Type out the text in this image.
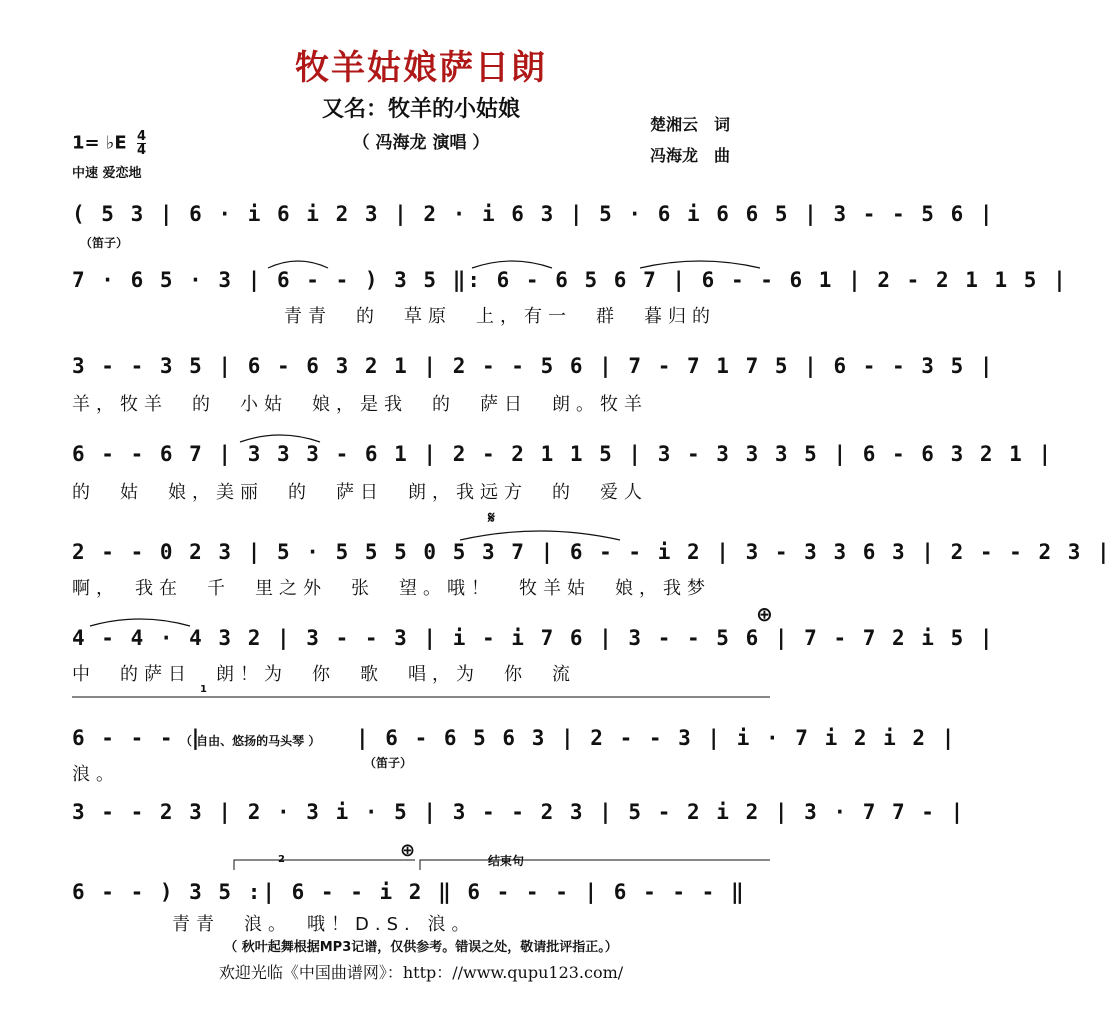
牧羊姑娘萨日朗
又名：牧羊的小姑娘
（ 冯海龙 演唱 ）
楚湘云　词
冯海龙　曲
1= ♭E $\frac{4}{4}$
中速 爱恋地
( 5 3 | 6 · i 6 i 2 3 | 2 · i 6 3 | 5 · 6 i 6 6 5 | 3 - - 5 6 |
（笛子）
7 · 6 5 · 3 | 6 - - ) 3 5 ‖: 6 - 6 5 6 7 | 6 - - 6 1 | 2 - 2 1 1 5 |
青青　的　草原　上，有一　群　暮归的
3 - - 3 5 | 6 - 6 3 2 1 | 2 - - 5 6 | 7 - 7 1 7 5 | 6 - - 3 5 |
羊，牧羊　的　小姑　娘，是我　的　萨日　朗。牧羊
6 - - 6 7 | 3 3 3 - 6 1 | 2 - 2 1 1 5 | 3 - 3 3 3 5 | 6 - 6 3 2 1 |
的　姑　娘，美丽　的　萨日　朗，我远方　的　爱人
𝄋
2 - - 0 2 3 | 5 · 5 5 5 0 5 3 7 | 6 - - i 2 | 3 - 3 3 6 3 | 2 - - 2 3 |
啊，　我在　千　里之外　张　望。哦！　牧羊姑　娘，我梦
⊕
4 - 4 · 4 3 2 | 3 - - 3 | i - i 7 6 | 3 - - 5 6 | 7 - 7 2 i 5 |
中　的萨日　朗！为　你　歌　唱，为　你　流
1
6 - - - |
（ 自由、悠扬的马头琴 ） | 6 - 6 5 6 3 | 2 - - 3 | i · 7 i 2 i 2 |
浪。
（笛子）
3 - - 2 3 | 2 · 3 i · 5 | 3 - - 2 3 | 5 - 2 i 2 | 3 · 7 7 - |
2	⊕	结束句
6 - - ) 3 5 :| 6 - - i 2 ‖ 6 - - - | 6 - - - ‖
青青　浪。　哦！D.S. 浪。
（ 秋叶起舞根据MP3记谱，仅供参考。错误之处，敬请批评指正。）
欢迎光临《中国曲谱网》：http：//www.qupu123.com/
